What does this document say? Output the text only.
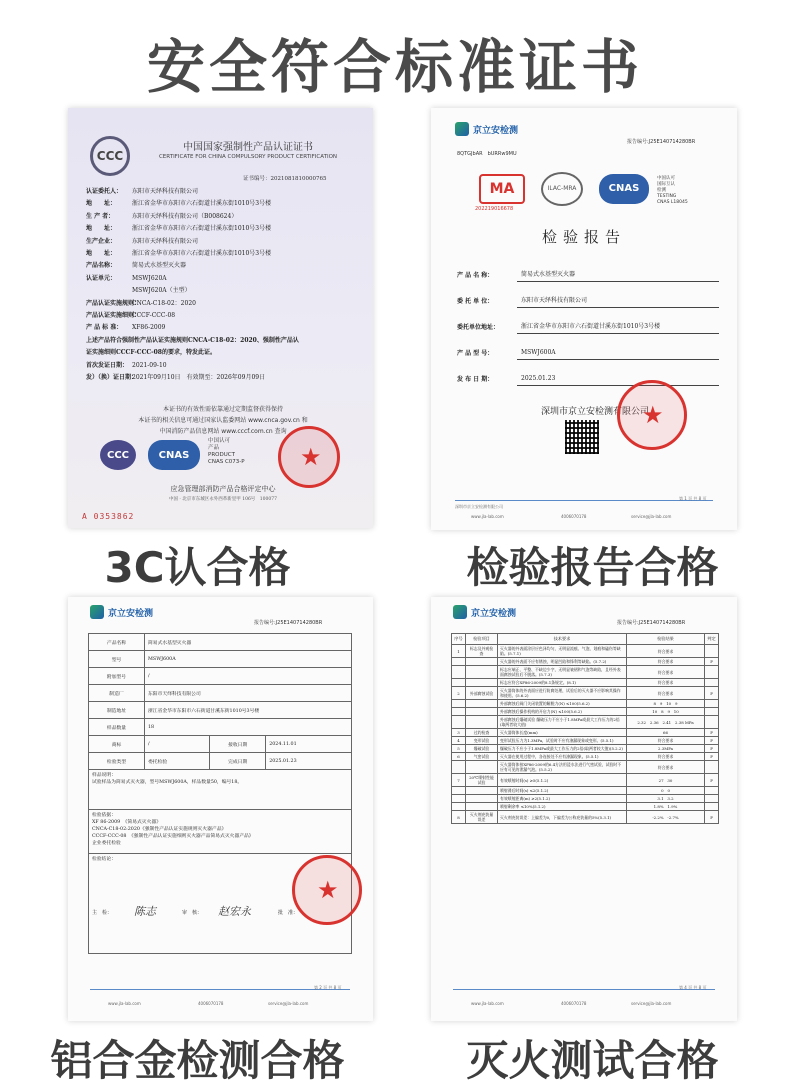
安全符合标准证书
CCC
中国国家强制性产品认证证书
CERTIFICATE FOR CHINA COMPULSORY PRODUCT CERTIFICATION
证书编号：2021081810000765
认证委托人：	东阳市天绎科技有限公司
地　　址：	浙江省金华市东阳市六石街道甘溪东街1010号3号楼
生 产 者：	东阳市天绎科技有限公司（B008624）
地　　址：	浙江省金华市东阳市六石街道甘溪东街1010号3号楼
生产企业：	东阳市天绎科技有限公司
地　　址：	浙江省金华市东阳市六石街道甘溪东街1010号3号楼
产品名称：	简易式水基型灭火器
认证单元：	MSWJ620A
MSWJ620A（主型）
产品认证实施规则：
CNCA-C18-02：2020
产品认证实施细则：
CCCF-CCC-08
产 品 标 准：	XF86-2009
上述产品符合强制性产品认证实施规则CNCA-C18-02：2020、强制性产品认
证实施细则CCCF-CCC-08的要求，特发此证。
首次发证日期： 2021-09-10
发）（换）证日期：
2021年09月10日　有效期至：2026年09月09日
本证书的有效性需依靠通过定期监督获得保持
本证书的相关信息可通过国家认监委网站 www.cnca.gov.cn 和
中国消防产品信息网站 www.cccf.com.cn 查询
CCC	CNAS
中国认可
产品
PRODUCT
CNAS C073-P ★
应急管理部消防产品合格评定中心
中国 · 北京市东城区永外西革新里甲 106号　100077
A 0353862
3C认合格
京立安检测
报告编号:J25E140714280BR
8QTGJbAR　bURRw9MU
MA
202219016678
ILAC-MRA	CNAS
中国认可
国际互认
检测
TESTING
CNAS L18045
检验报告
产 品 名 称：	简易式水基型灭火器
委 托 单 位：	东阳市天绎科技有限公司
委托单位地址：	浙江省金华市东阳市六石街道甘溪东街1010号3号楼
产 品 型 号：	MSWJ600A
发 布 日 期：	2025.01.23
深圳市京立安检测有限公司
★
深圳市京立安检测有限公司
第 1 页 共 8 页
www.jla-lab.com	4006070178	service@jla-lab.com
检验报告合格
京立安检测
报告编号:J25E140714280BR
产品名称	简易式水基型灭火器		
型号	MSWJ600A		
附加型号	/		
制造厂	东阳市天绎科技有限公司		
制造地址	浙江省金华市东阳市六石街道甘溪东街1010号3号楼		
样品数量	18		
商标	/	接收日期	2024.11.01
检验类型	委托检验	完成日期	2025.01.23

样品说明：
试验样品为简易式灭火器，型号MSWJ600A，样品数量50，编号18。			

检验依据：
XF 86-2009　《简易式灭火器》
CNCA-C18-02:2020《强制性产品认证实施规则灭火器产品》
CCCF-CCC-08　《强制性产品认证实施细则灭火器产品简易式灭火器产品》
企业委托检验			

检验结论：			
★
主　检： 陈志	审　核： 赵宏永	批　准：
第 2 页 共 8 页
www.jla-lab.com	4006070178	service@jla-lab.com
铝合金检测合格
京立安检测
报告编号:J25E140714280BR
序号	检验项目	技术要求	检验结果	判定
1	标志及外观检查	灭火器的外表面涂层应色泽均匀，无明显流痕、气泡、划痕和磕伤等缺陷。(5.7.1)	符合要求	
		灭火器的外表面不应有锈蚀，明显凹陷和锋利等缺陷。(5.7.2)	符合要求	P
		标志应端正、平整、不缺边少字，无明显皱褶和气泡等缺陷，且经外表面腐蚀试验后不脱落。(5.7.3)	符合要求	
		标志应符合XF86-2009的8.1条规定。(8.1)	符合要求	
2	外部腐蚀试验	灭火器筒体的外表面应进行防腐处理，试验后的灭火器不应影响其操作和使用。(5.6.2)	符合要求	P
		外部腐蚀后阀门关闭装置的解脱力(N) ≤100(5.6.2)	8　9　10　9	
		外部腐蚀后操作机构的开启力(N) ≤100(5.6.2)	10　8　9　10	
		外部腐蚀后爆破试验 爆破压力不应小于1.8MPa或最大工作压力的2倍(取两者较大值)	2.32　2.36　2.41　2.38 MPa	
3	过约检查	灭火器筒体长度(mm)	66	P
4	变形试验	变形试验压力为1.3MPa，试验时不应有渗漏现象或变形。(5.5.1)	符合要求	P
5	爆破试验	爆破压力不应小于1.8MPa或最大工作压力的2倍(取两者较大值)(5.2.2)	2.3MPa	P
6	气密试验	灭火器在使用过程中，各连接处不应有渗漏现象。(5.5.1)	符合要求	P
		灭火器筒体按XF86-2009的6.4方法用浸水法进行气密试验，试验时不应有可见的泄漏气泡。(5.5.2)	符合要求	
7	20℃喷射性能试验	有效喷射时间(s) ≥5(5.1.2)	27　30	P
		喷射滞后时间(s) ≤2(5.1.2)	0　0	
		有效喷射距离(m) ≥2(5.1.2)	3.1　3.2	
		喷射剩余率 ≤10%(5.1.2)	1.8%　1.9%	
8	灭火剂充装量误差	灭火剂充装误差：上偏差为0，下偏差为公称充装量的5%(5.3.1)	-2.2%　-2.7%	P
第 4 页 共 8 页
www.jla-lab.com	4006070178	service@jla-lab.com
灭火测试合格
